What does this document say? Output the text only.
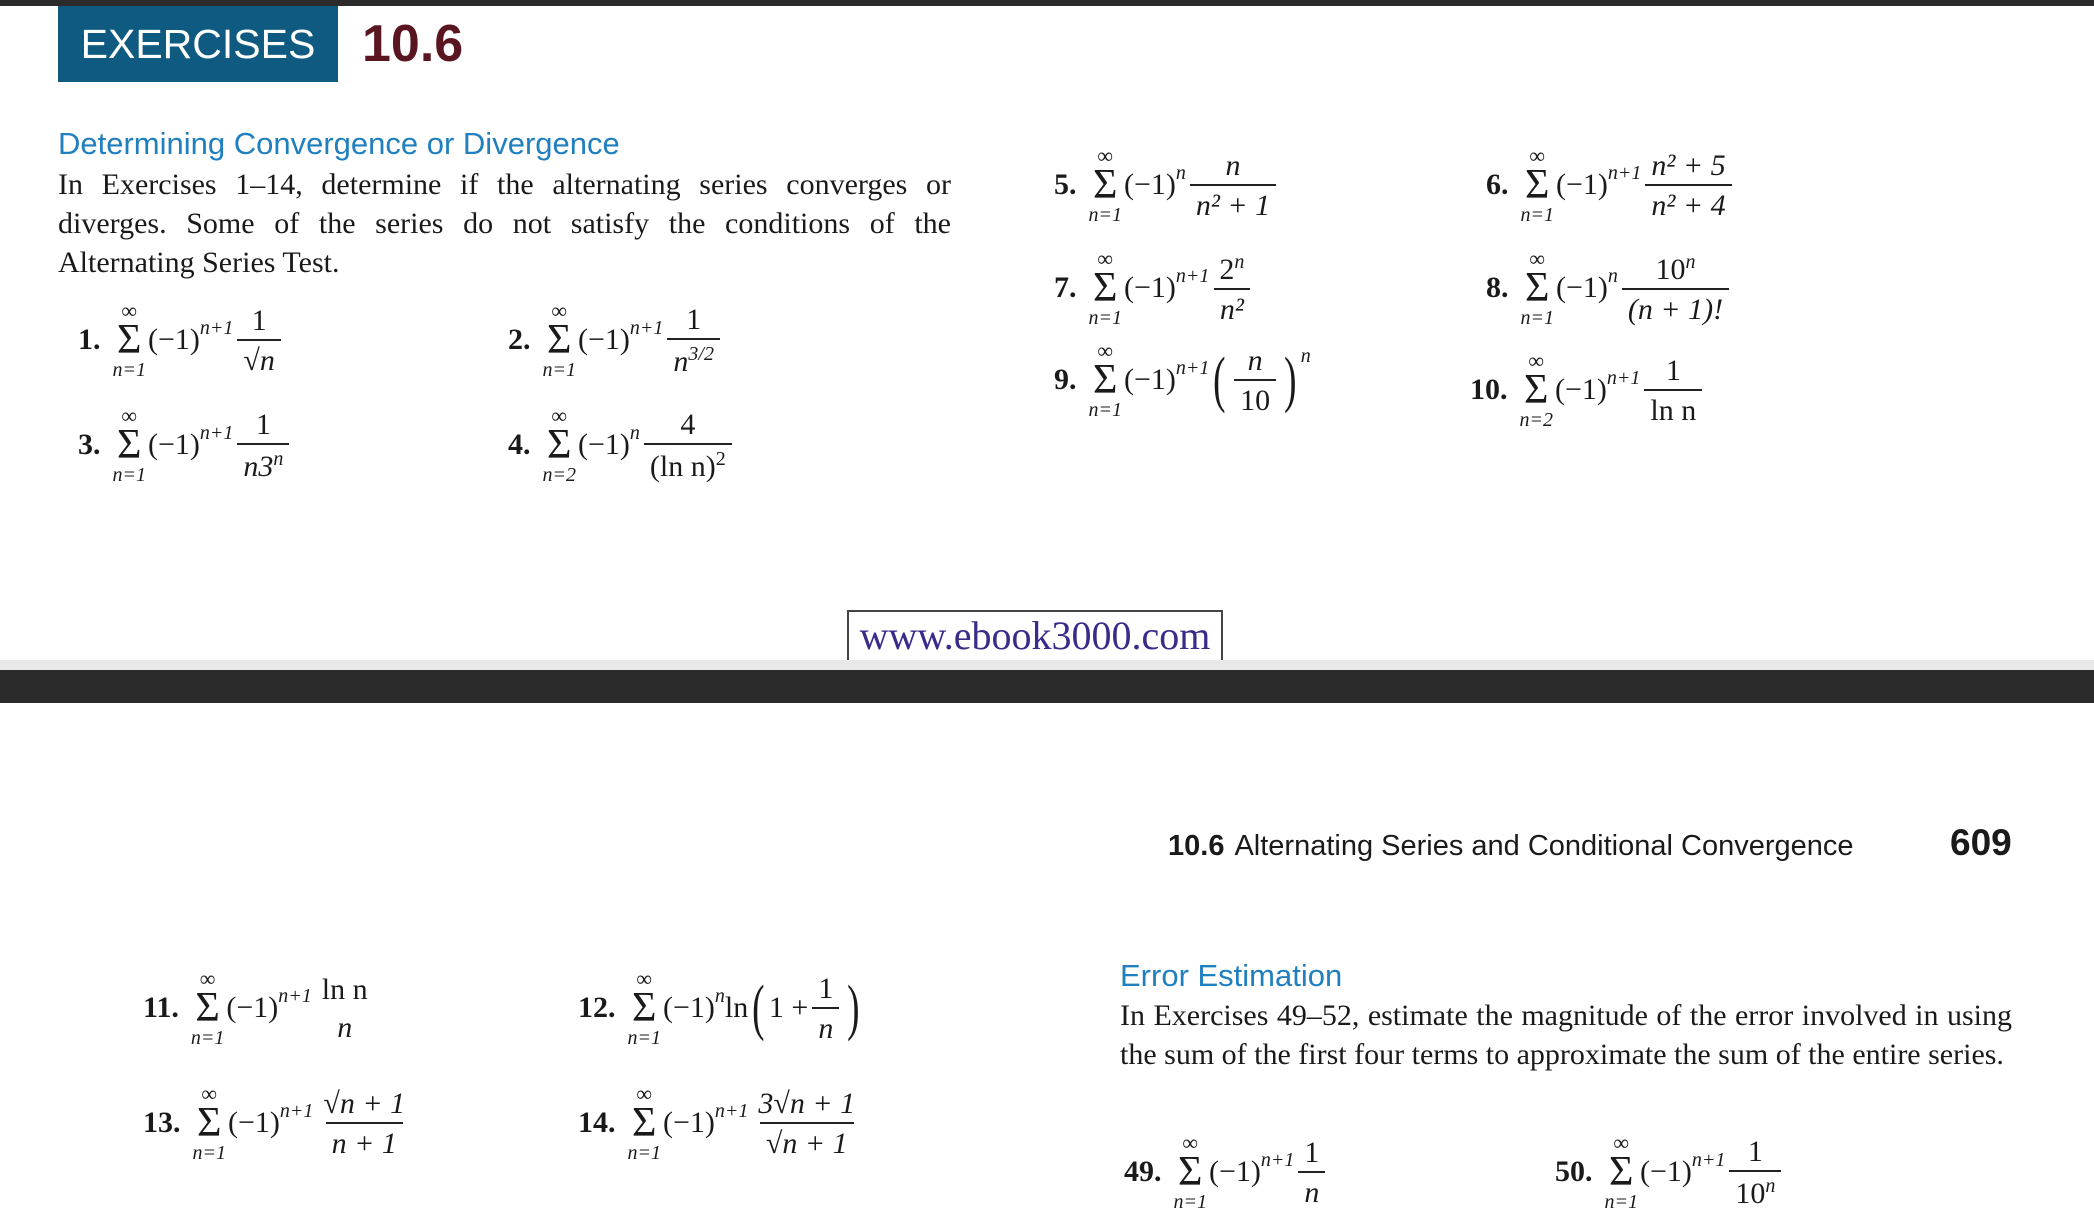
EXERCISES 10.6
Determining Convergence or Divergence
In Exercises 1–14, determine if the alternating series converges or diverges. Some of the series do not satisfy the conditions of the Alternating Series Test.
1.
∞
Σ
n=1
$(-1)^{n+1} \frac{1}{√n}$	2.
∞
Σ
n=1
$(-1)^{n+1} \frac{1}{n^{3/2}}$
3.
∞
Σ
n=1
$(-1)^{n+1} \frac{1}{n3^n}$	4.
∞
Σ
n=2
$(-1)^n \frac{4}{(\ln n)^2}$
5.
∞
Σ
n=1
$(-1)^n \frac{n}{\text{n² + 1}}$	6.
∞
Σ
n=1
$(-1)^{n+1} \frac{\text{n² + 5}}{\text{n² + 4}}$
7.
∞
Σ
n=1
$(-1)^{n+1} \frac{2^n}{\text{n²}}$	8.
∞
Σ
n=1
$(-1)^n \frac{10^n}{(n + 1)!}$
9.
∞
Σ
n=1
$(-1)^{n+1}$ ( $\frac{n}{10} )^n$
10.
∞
Σ
n=2
$(-1)^{n+1} \frac{1}{\text{ln n}}$
www.ebook3000.com
10.6 Alternating Series and Conditional Convergence	609
11.
∞
Σ
n=1
$(-1)^{n+1}$ ln n
n
12.
∞
Σ
n=1
$(-1)^n$ ln ( $1 + \frac{1}{n}$ )
13.
∞
Σ
n=1
$(-1)^{n+1} \frac{√n + 1}{n + 1}$	14.
∞
Σ
n=1
$(-1)^{n+1} \frac{3√n + 1}{√n + 1}$
Error Estimation
In Exercises 49–52, estimate the magnitude of the error involved in using the sum of the first four terms to approximate the sum of the entire series.
49.
∞
Σ
n=1
$(-1)^{n+1} \frac{1}{n}$	50.
∞
Σ
n=1
$(-1)^{n+1} \frac{1}{10^n}$
